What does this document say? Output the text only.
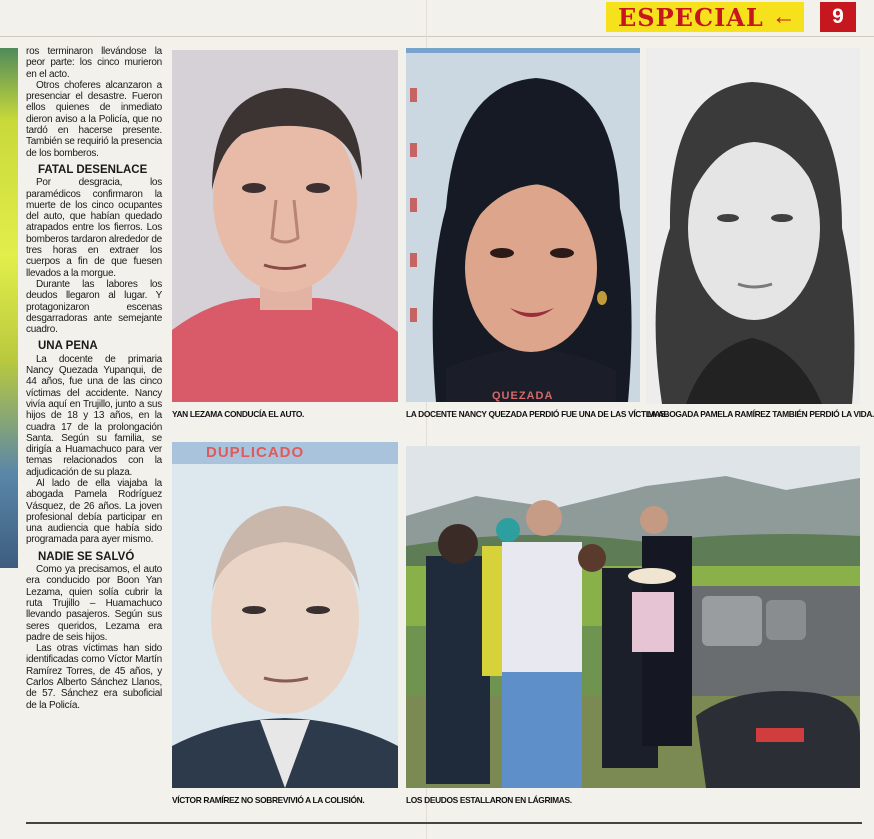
ESPECIAL ←	9

ros terminaron llevándose la peor parte: los cinco murieron en el acto.

Otros choferes alcanzaron a presenciar el desastre. Fueron ellos quienes de inmediato dieron aviso a la Policía, que no tardó en hacerse presente. También se requirió la presencia de los bomberos.

FATAL DESENLACE

Por desgracia, los paramédicos confirmaron la muerte de los cinco ocupantes del auto, que habían quedado atrapados entre los fierros. Los bomberos tardaron alrededor de tres horas en extraer los cuerpos a fin de que fuesen llevados a la morgue.

Durante las labores los deudos llegaron al lugar. Y protagonizaron escenas desgarradoras ante semejante cuadro.

UNA PENA

La docente de primaria Nancy Quezada Yupanqui, de 44 años, fue una de las cinco víctimas del accidente. Nancy vivía aquí en Trujillo, junto a sus hijos de 18 y 13 años, en la cuadra 17 de la prolongación Santa. Según su familia, se dirigía a Huamachuco para ver temas relacionados con la adjudicación de su plaza.

Al lado de ella viajaba la abogada Pamela Rodríguez Vásquez, de 26 años. La joven profesional debía participar en una audiencia que había sido programada para ayer mismo.

NADIE SE SALVÓ

Como ya precisamos, el auto era conducido por Boon Yan Lezama, quien solía cubrir la ruta Trujillo – Huamachuco llevando pasajeros. Según sus seres queridos, Lezama era padre de seis hijos.

Las otras víctimas han sido identificadas como Víctor Martín Ramírez Torres, de 45 años, y Carlos Alberto Sánchez Llanos, de 57. Sánchez era suboficial de la Policía.

YAN LEZAMA CONDUCÍA EL AUTO.
QUEZADA
LA DOCENTE NANCY QUEZADA PERDIÓ FUE UNA DE LAS VÍCTIMAS.
LA ABOGADA PAMELA RAMÍREZ TAMBIÉN PERDIÓ LA VIDA.
DUPLICADO
VÍCTOR RAMÍREZ NO SOBREVIVIÓ A LA COLISIÓN.	LOS DEUDOS ESTALLARON EN LÁGRIMAS.
